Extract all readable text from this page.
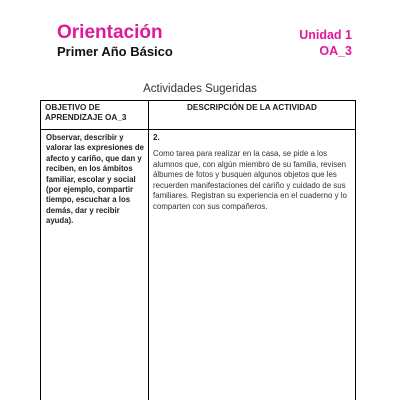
Orientación
Primer Año Básico
Unidad 1
OA_3
Actividades Sugeridas
OBJETIVO DE APRENDIZAJE OA_3
DESCRIPCIÓN DE LA ACTIVIDAD
Observar, describir y valorar las expresiones de afecto y cariño, que dan y reciben, en los ámbitos familiar, escolar y social (por ejemplo, compartir tiempo, escuchar a los demás, dar y recibir ayuda).
2.
Como tarea para realizar en la casa, se pide a los alumnos que, con algún miembro de su familia, revisen álbumes de fotos y busquen algunos objetos que les recuerden manifestaciones del cariño y cuidado de sus familiares. Registran su experiencia en el cuaderno y lo comparten con sus compañeros.
